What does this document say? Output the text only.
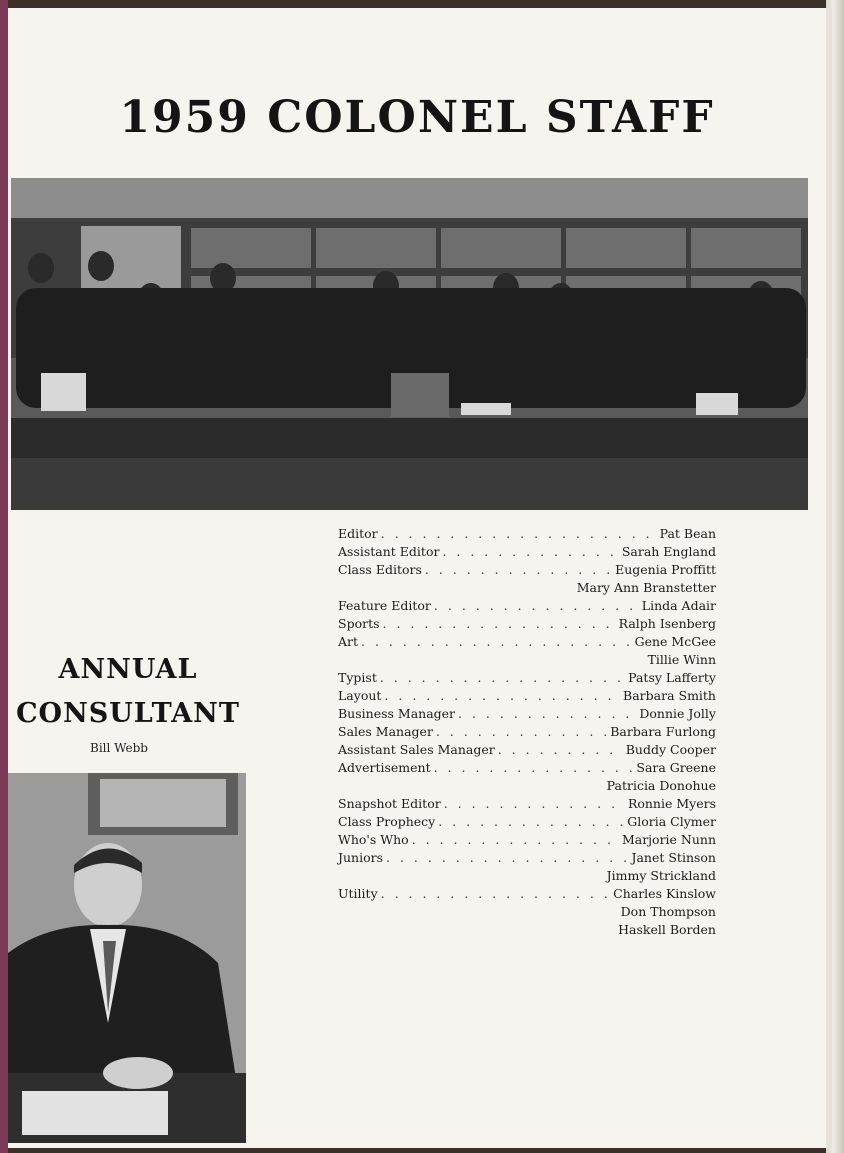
1959 COLONEL STAFF
ANNUAL
CONSULTANT
Bill Webb
Editor . . .	Pat Bean
Assistant Editor . . .	Sarah England
Class Editors . . .	Eugenia Proffitt
Mary Ann Branstetter
Feature Editor . . .	Linda Adair
Sports . . .	Ralph Isenberg
Art . . .	Gene McGee
Tillie Winn
Typist . . .	Patsy Lafferty
Layout . . .	Barbara Smith
Business Manager . . .	Donnie Jolly
Sales Manager . . .	Barbara Furlong
Assistant Sales Manager . . .	Buddy Cooper
Advertisement . . .	Sara Greene
Patricia Donohue
Snapshot Editor . . .	Ronnie Myers
Class Prophecy . . .	Gloria Clymer
Who's Who . . .	Marjorie Nunn
Juniors . . .	Janet Stinson
Jimmy Strickland
Utility . . .	Charles Kinslow
Don Thompson
Haskell Borden
